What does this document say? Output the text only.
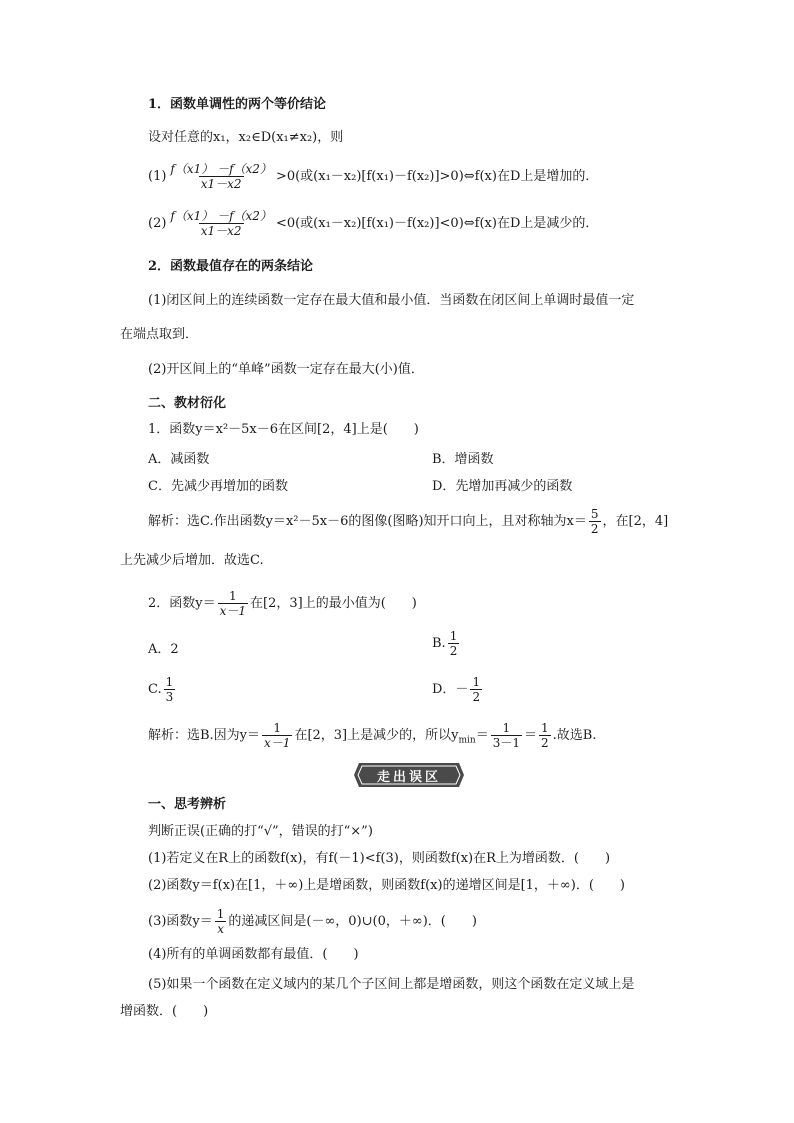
1．函数单调性的两个等价结论
设对任意的x₁，x₂∈D(x₁≠x₂)，则
$(1) \frac{f(x1) -f(x2)}{x1-x2} >0$(或(x₁－x₂)[f(x₁)－f(x₂)]>0)⇔f(x)在D上是增加的．
$(2) \frac{f(x1) -f(x2)}{x1-x2} <0$(或(x₁－x₂)[f(x₁)－f(x₂)]<0)⇔f(x)在D上是减少的．
2．函数最值存在的两条结论
(1)闭区间上的连续函数一定存在最大值和最小值．当函数在闭区间上单调时最值一定
在端点取到．
(2)开区间上的“单峰”函数一定存在最大(小)值．
二、教材衍化
1．函数y＝x²－5x－6在区间[2，4]上是(　　)
A．减函数	B．增函数
C．先减少再增加的函数	D．先增加再减少的函数
解析：选C.作出函数y＝x²－5x－6的图像(图略)知开口向上，且对称轴为$x= \frac{5}{2}$ ，在[2，4]
上先减少后增加．故选C.
2．函数$y= \frac{1}{x-1}$ 在[2，3]上的最小值为(　　)
A．2	B. $\frac{1}{2}$
C. $\frac{1}{3}$	D．－ $\frac{1}{2}$
解析：选B.因为$y= \frac{1}{x-1}$ 在[2，3]上是减少的，所以$y_{min}= \frac{1}{3-1} = \frac{1}{2}$ .故选B.
走出误区
一、思考辨析
判断正误(正确的打“√”，错误的打“×”)
(1)若定义在R上的函数f(x)，有f(－1)<f(3)，则函数f(x)在R上为增函数．(　　)
(2)函数y＝f(x)在[1，＋∞)上是增函数，则函数f(x)的递增区间是[1，＋∞)．(　　)
(3)函数$y= \frac{1}{x}$ 的递减区间是(－∞，0)∪(0，＋∞)．(　　)
(4)所有的单调函数都有最值．(　　)
(5)如果一个函数在定义域内的某几个子区间上都是增函数，则这个函数在定义域上是
增函数．(　　)
